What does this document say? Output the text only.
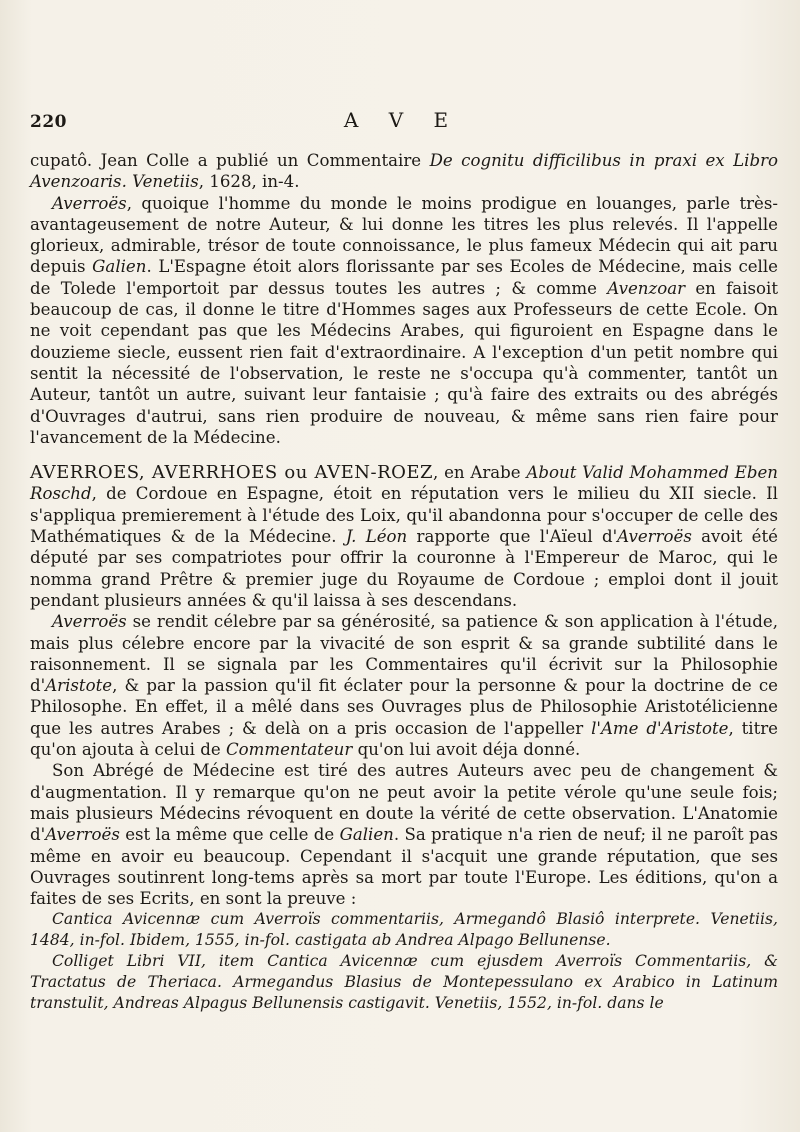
220	A V E

cupatô. Jean Colle a publié un Commentaire De cognitu difficilibus in praxi ex Libro Avenzoaris. Venetiis, 1628, in-4.

Averroës, quoique l'homme du monde le moins prodigue en louanges, parle très-avantageusement de notre Auteur, & lui donne les titres les plus relevés. Il l'appelle glorieux, admirable, trésor de toute connoissance, le plus fameux Médecin qui ait paru depuis Galien. L'Espagne étoit alors florissante par ses Ecoles de Médecine, mais celle de Tolede l'emportoit par dessus toutes les autres ; & comme Avenzoar en faisoit beaucoup de cas, il donne le titre d'Hommes sages aux Professeurs de cette Ecole. On ne voit cependant pas que les Médecins Arabes, qui figuroient en Espagne dans le douzieme siecle, eussent rien fait d'extraordinaire. A l'exception d'un petit nombre qui sentit la nécessité de l'observation, le reste ne s'occupa qu'à commenter, tantôt un Auteur, tantôt un autre, suivant leur fantaisie ; qu'à faire des extraits ou des abrégés d'Ouvrages d'autrui, sans rien produire de nouveau, & même sans rien faire pour l'avancement de la Médecine.

AVERROES, AVERRHOES ou AVEN-ROEZ, en Arabe About Valid Mohammed Eben Roschd, de Cordoue en Espagne, étoit en réputation vers le milieu du XII siecle. Il s'appliqua premierement à l'étude des Loix, qu'il abandonna pour s'occuper de celle des Mathématiques & de la Médecine. J. Léon rapporte que l'Aïeul d'Averroës avoit été député par ses compatriotes pour offrir la couronne à l'Empereur de Maroc, qui le nomma grand Prêtre & premier juge du Royaume de Cordoue ; emploi dont il jouit pendant plusieurs années & qu'il laissa à ses descendans.

Averroës se rendit célebre par sa générosité, sa patience & son application à l'étude, mais plus célebre encore par la vivacité de son esprit & sa grande subtilité dans le raisonnement. Il se signala par les Commentaires qu'il écrivit sur la Philosophie d'Aristote, & par la passion qu'il fit éclater pour la personne & pour la doctrine de ce Philosophe. En effet, il a mêlé dans ses Ouvrages plus de Philosophie Aristotélicienne que les autres Arabes ; & delà on a pris occasion de l'appeller l'Ame d'Aristote, titre qu'on ajouta à celui de Commentateur qu'on lui avoit déja donné.

Son Abrégé de Médecine est tiré des autres Auteurs avec peu de changement & d'augmentation. Il y remarque qu'on ne peut avoir la petite vérole qu'une seule fois; mais plusieurs Médecins révoquent en doute la vérité de cette observation. L'Anatomie d'Averroës est la même que celle de Galien. Sa pratique n'a rien de neuf; il ne paroît pas même en avoir eu beaucoup. Cependant il s'acquit une grande réputation, que ses Ouvrages soutinrent long-tems après sa mort par toute l'Europe. Les éditions, qu'on a faites de ses Ecrits, en sont la preuve :

Cantica Avicennæ cum Averroïs commentariis, Armegandô Blasiô interprete. Venetiis, 1484, in-fol. Ibidem, 1555, in-fol. castigata ab Andrea Alpago Bellunense.

Colliget Libri VII, item Cantica Avicennæ cum ejusdem Averroïs Commentariis, & Tractatus de Theriaca. Armegandus Blasius de Montepessulano ex Arabico in Latinum transtulit, Andreas Alpagus Bellunensis castigavit. Venetiis, 1552, in-fol. dans le
